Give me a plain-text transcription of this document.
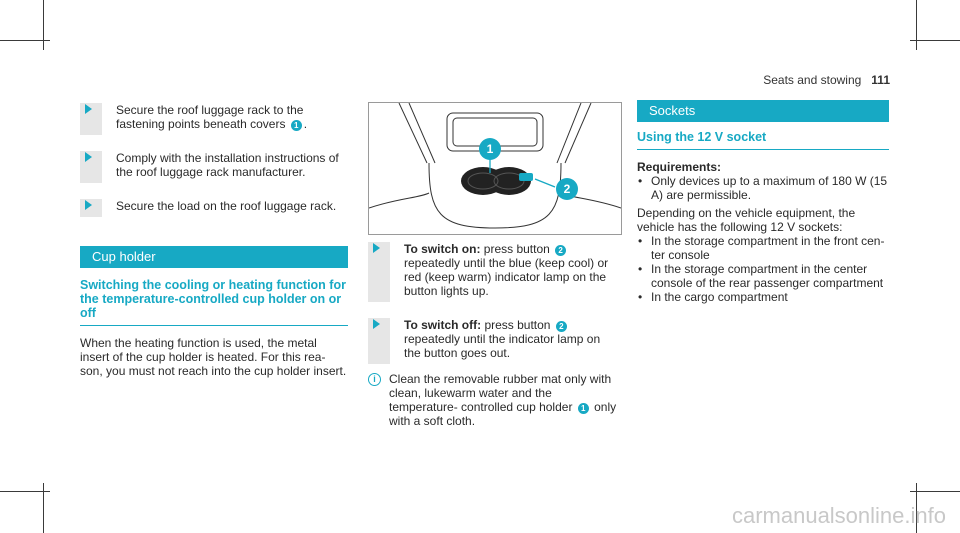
Seats and stowing 111
Secure the roof luggage rack to the fastening points beneath covers 1 .
Comply with the installation instructions of the roof luggage rack manufacturer.
Secure the load on the roof luggage rack.
Cup holder
Switching the cooling or heating function for the temperature-controlled cup holder on or off
When the heating function is used, the metal insert of the cup holder is heated. For this rea- son, you must not reach into the cup holder insert.
1
2
To switch on: press button 2 repeatedly until the blue (keep cool) or red (keep warm) indicator lamp on the button lights up.
To switch off: press button 2 repeatedly until the indicator lamp on the button goes out.
i	Clean the removable rubber mat only with clean, lukewarm water and the temperature- controlled cup holder 1 only with a soft cloth.
Sockets
Using the 12 V socket
Requirements:
• Only devices up to a maximum of 180 W (15 A) are permissible.
Depending on the vehicle equipment, the vehicle has the following 12 V sockets:
• In the storage compartment in the front cen- ter console
• In the storage compartment in the center console of the rear passenger compartment
• In the cargo compartment
carmanualsonline.info
